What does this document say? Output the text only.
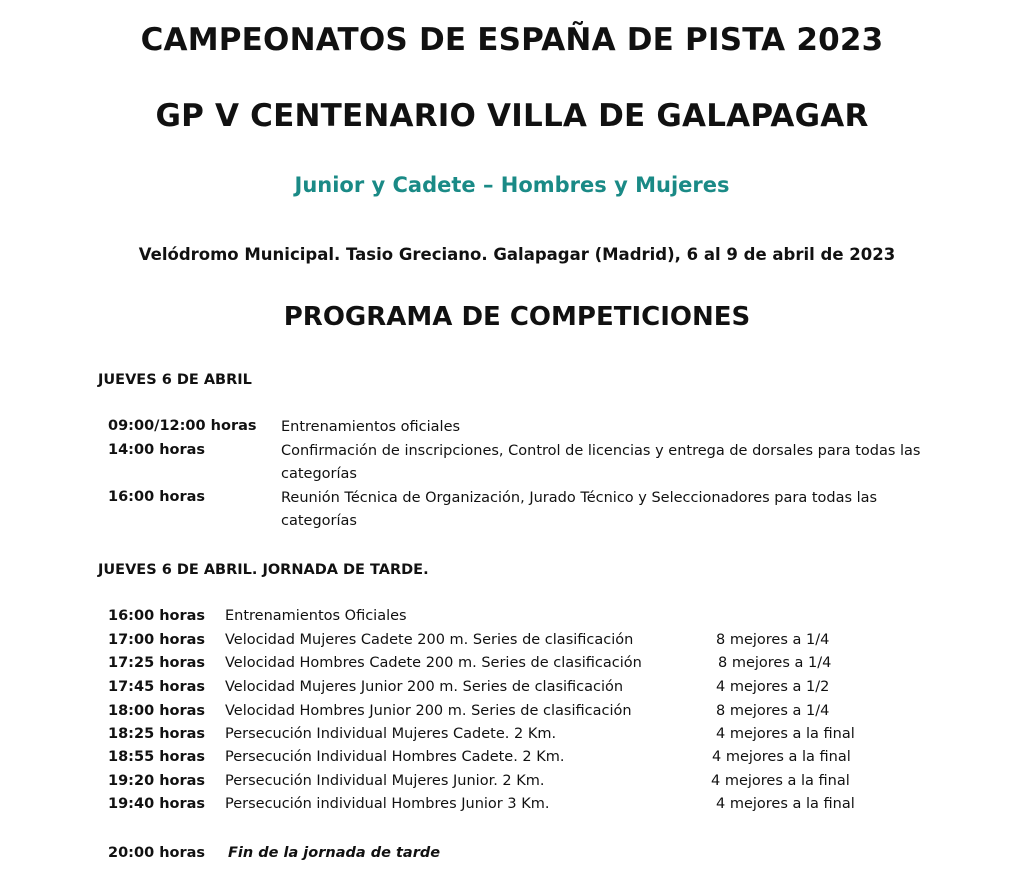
CAMPEONATOS DE ESPAÑA DE PISTA 2023
GP V CENTENARIO VILLA DE GALAPAGAR
Junior y Cadete – Hombres y Mujeres
Velódromo Municipal. Tasio Greciano. Galapagar (Madrid), 6 al 9 de abril de 2023
PROGRAMA DE COMPETICIONES
JUEVES 6 DE ABRIL
09:00/12:00 horas Entrenamientos oficiales
14:00 horas	Confirmación de inscripciones, Control de licencias y entrega de dorsales para todas las categorías
16:00 horas	Reunión Técnica de Organización, Jurado Técnico y Seleccionadores para todas las categorías
JUEVES 6 DE ABRIL. JORNADA DE TARDE.
16:00 horas Entrenamientos Oficiales
17:00 horas Velocidad Mujeres Cadete 200 m. Series de clasificación	8 mejores a 1/4
17:25 horas Velocidad Hombres Cadete 200 m. Series de clasificación	8 mejores a 1/4
17:45 horas Velocidad Mujeres Junior 200 m. Series de clasificación	4 mejores a 1/2
18:00 horas Velocidad Hombres Junior 200 m. Series de clasificación	8 mejores a 1/4
18:25 horas Persecución Individual Mujeres Cadete. 2 Km.	4 mejores a la final
18:55 horas Persecución Individual Hombres Cadete. 2 Km.	4 mejores a la final
19:20 horas Persecución Individual Mujeres Junior. 2 Km.	4 mejores a la final
19:40 horas Persecución individual Hombres Junior 3 Km.	4 mejores a la final
20:00 horas Fin de la jornada de tarde
